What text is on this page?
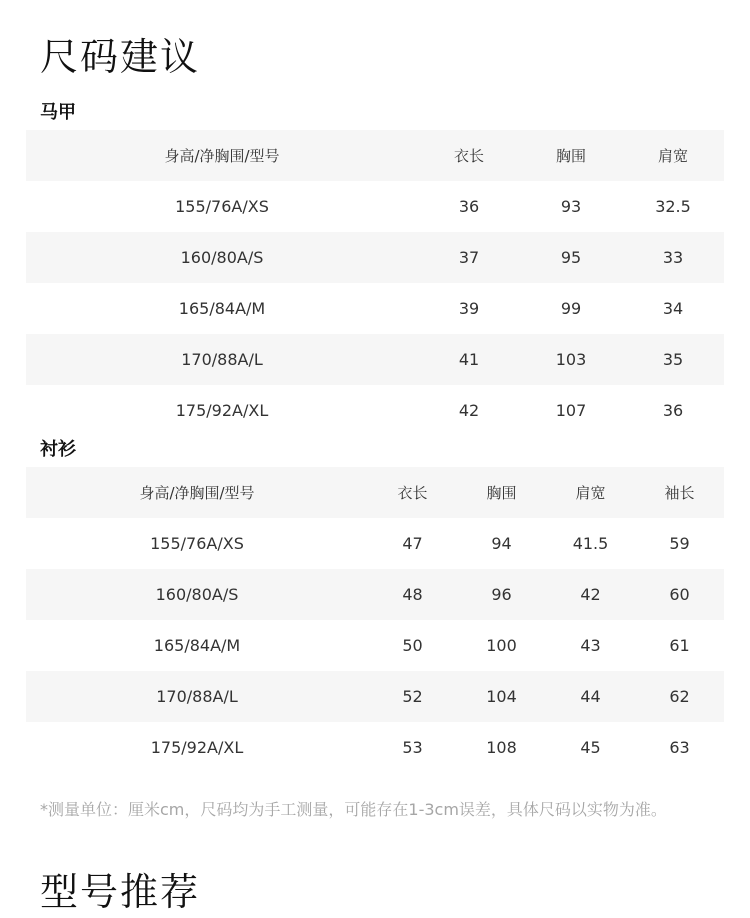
尺码建议
马甲
身高/净胸围/型号	衣长	胸围	肩宽
155/76A/XS	36	93	32.5
160/80A/S	37	95	33
165/84A/M	39	99	34
170/88A/L	41	103	35
175/92A/XL	42	107	36
衬衫
身高/净胸围/型号	衣长	胸围	肩宽	袖长
155/76A/XS	47	94	41.5	59
160/80A/S	48	96	42	60
165/84A/M	50	100	43	61
170/88A/L	52	104	44	62
175/92A/XL	53	108	45	63
*测量单位：厘米cm，尺码均为手工测量，可能存在1-3cm误差，具体尺码以实物为准。
型号推荐
